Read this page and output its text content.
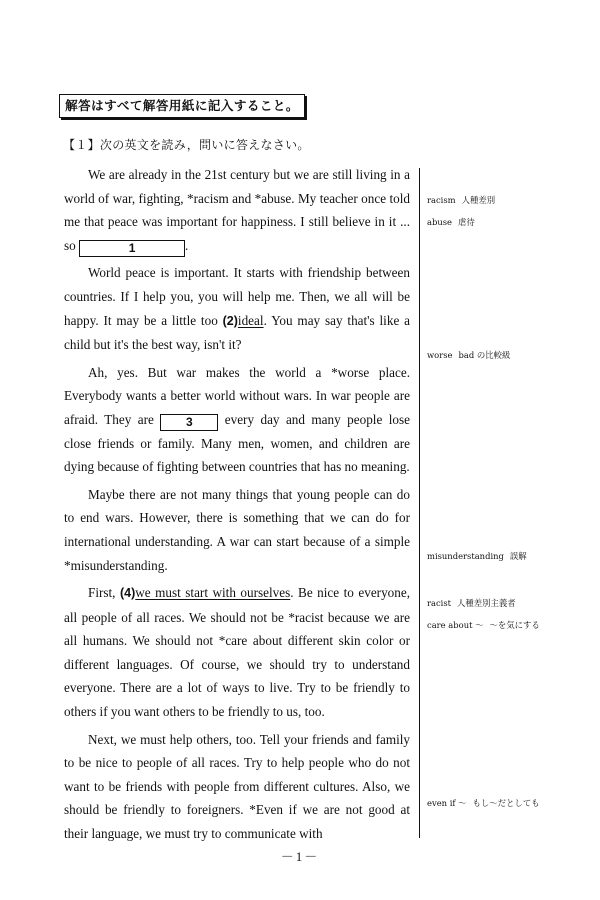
解答はすべて解答用紙に記入すること。
【１】次の英文を読み，問いに答えなさい。

We are already in the 21st century but we are still living in a world of war, fighting, *racism and *abuse. My teacher once told me that peace was important for happiness. I still believe in it ... so	1	.

World peace is important. It starts with friendship between countries. If I help you, you will help me. Then, we all will be happy. It may be a little too (2)ideal. You may say that's like a child but it's the best way, isn't it?

Ah, yes. But war makes the world a *worse place. Everybody wants a better world without wars. In war people are afraid. They are	3 every day and many people lose close friends or family. Many men, women, and children are dying because of fighting between countries that has no meaning.

Maybe there are not many things that young people can do to end wars. However, there is something that we can do for international understanding. A war can start because of a simple *misunderstanding.

First, (4)we must start with ourselves. Be nice to everyone, all people of all races. We should not be *racist because we are all humans. We should not *care about different skin color or different languages. Of course, we should try to understand everyone. There are a lot of ways to live. Try to be friendly to others if you want others to be friendly to us, too.

Next, we must help others, too. Tell your friends and family to be nice to people of all races. Try to help people who do not want to be friends with people from different cultures. Also, we should be friendly to foreigners. *Even if we are not good at their language, we must try to communicate with

racism 人種差別
abuse 虐待
worse bad の比較級
misunderstanding 誤解
racist 人種差別主義者
care about 〜 〜を気にする
even if 〜 もし〜だとしても
－1－
